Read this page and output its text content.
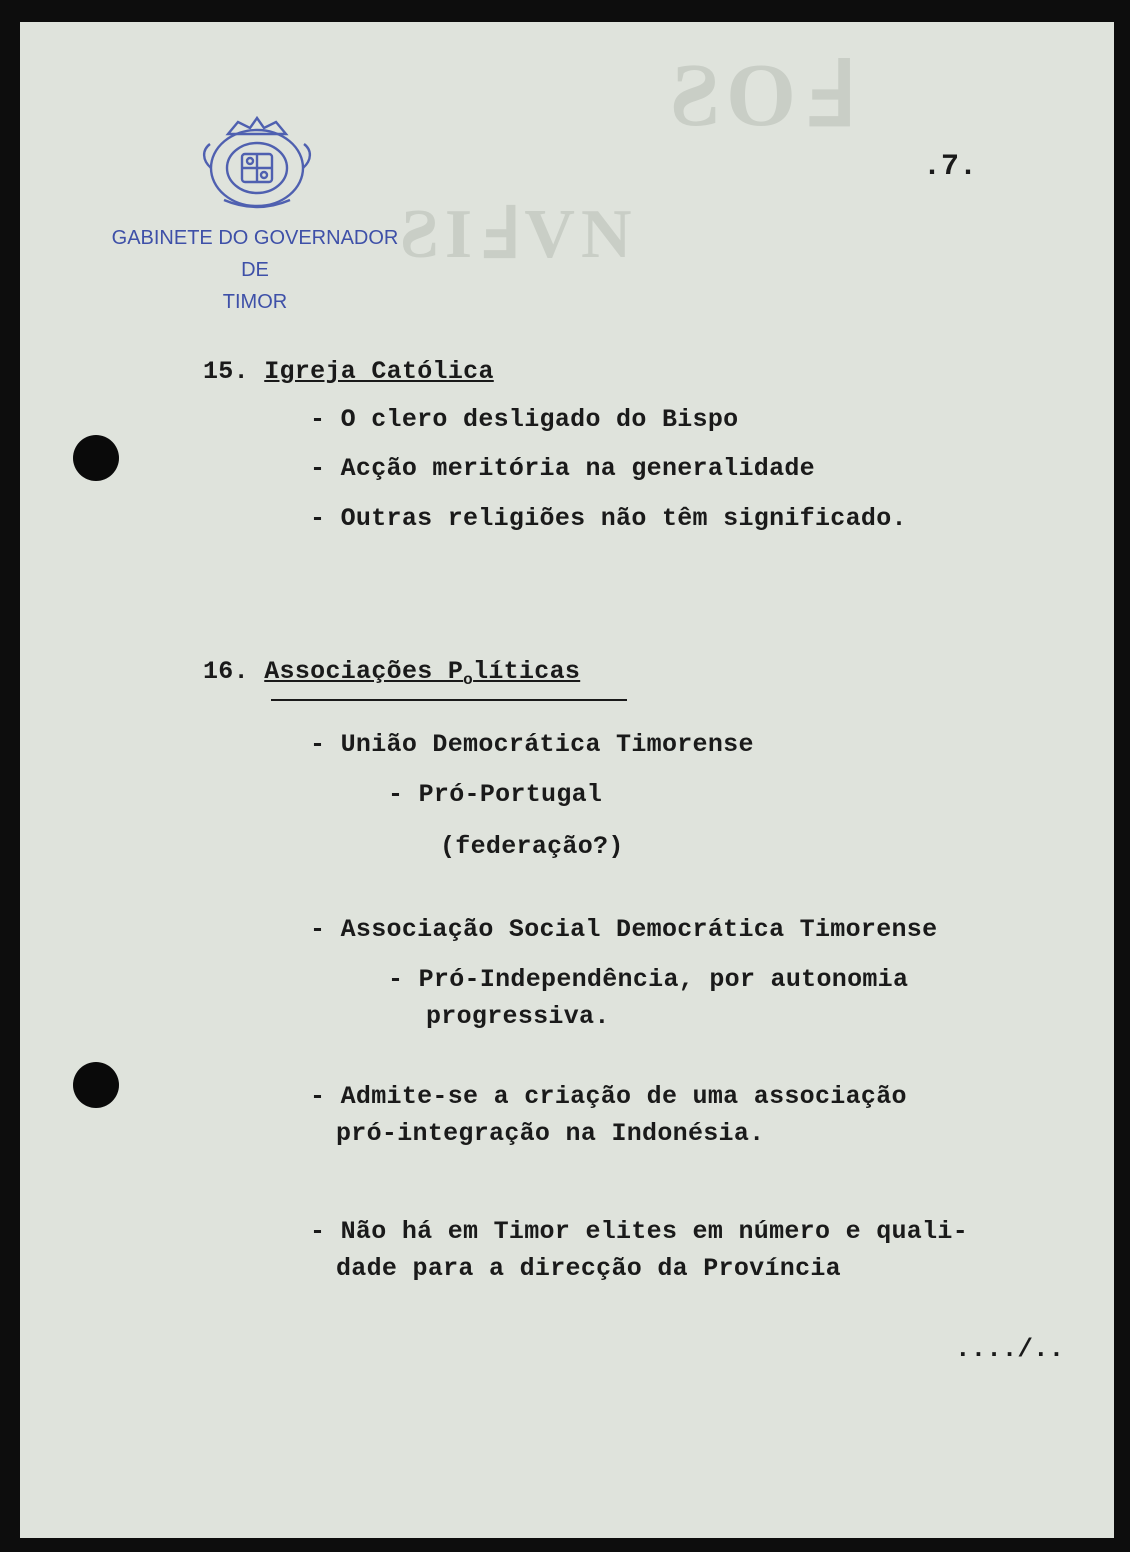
ƧOℲ
ƧIℲVN
GABINETE DO GOVERNADOR
DE
TIMOR
.7.
15. Igreja Católica
- O clero desligado do Bispo
- Acção meritória na generalidade
- Outras religiões não têm significado.
16. Associações $P_olíticas$
- União Democrática Timorense
- Pró-Portugal
(federação?)
- Associação Social Democrática Timorense
- Pró-Independência, por autonomia
progressiva.
- Admite-se a criação de uma associação
pró-integração na Indonésia.
- Não há em Timor elites em número e quali-
dade para a direcção da Província
..../..
